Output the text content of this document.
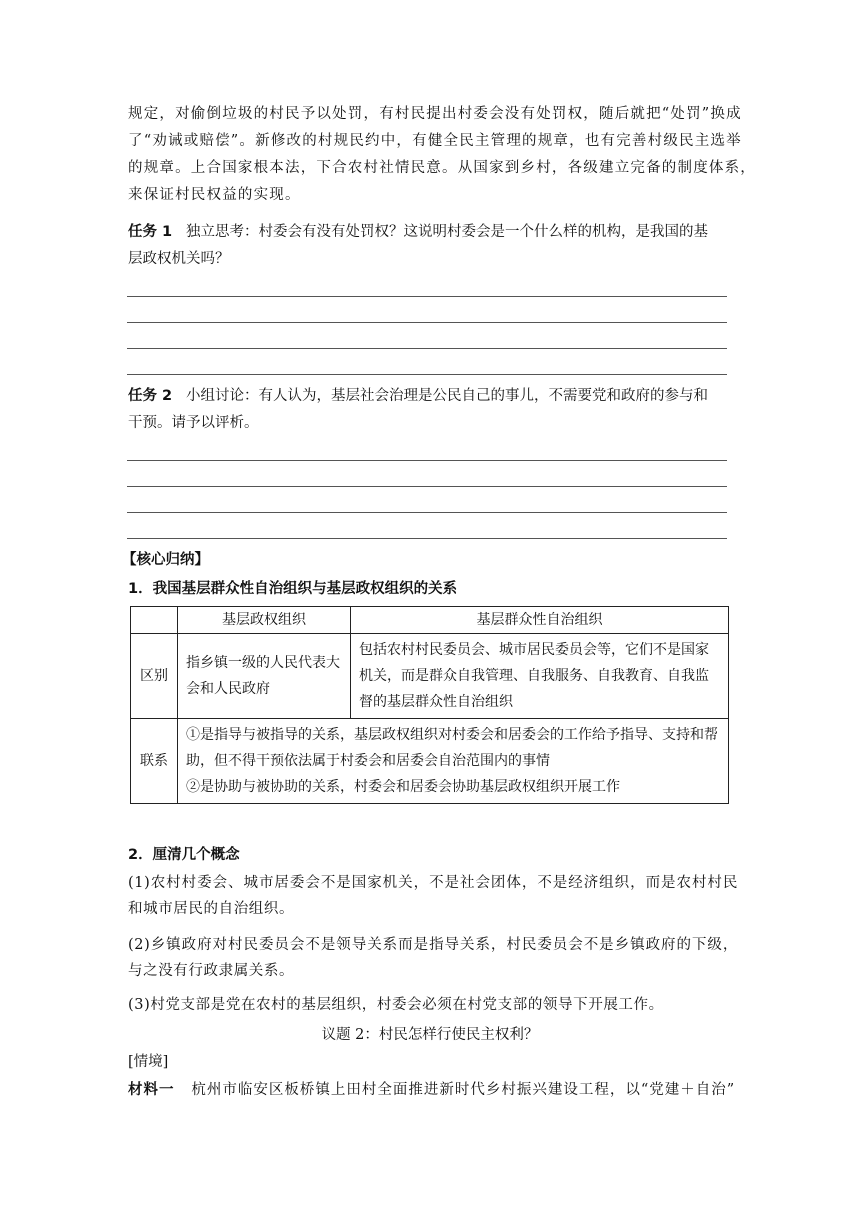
规定，对偷倒垃圾的村民予以处罚，有村民提出村委会没有处罚权，随后就把“处罚”换成
了“劝诫或赔偿”。新修改的村规民约中，有健全民主管理的规章，也有完善村级民主选举
的规章。上合国家根本法，下合农村社情民意。从国家到乡村，各级建立完备的制度体系，
来保证村民权益的实现。
任务 1 独立思考：村委会有没有处罚权？这说明村委会是一个什么样的机构，是我国的基
层政权机关吗？
任务 2 小组讨论：有人认为，基层社会治理是公民自己的事儿，不需要党和政府的参与和
干预。请予以评析。
【核心归纳】
1．我国基层群众性自治组织与基层政权组织的关系
	基层政权组织	基层群众性自治组织
区别	指乡镇一级的人民代表大会和人民政府	包括农村村民委员会、城市居民委员会等，它们不是国家机关，而是群众自我管理、自我服务、自我教育、自我监督的基层群众性自治组织
联系	①是指导与被指导的关系，基层政权组织对村委会和居委会的工作给予指导、支持和帮助，但不得干预依法属于村委会和居委会自治范围内的事情
②是协助与被协助的关系，村委会和居委会协助基层政权组织开展工作	
2．厘清几个概念
(1)农村村委会、城市居委会不是国家机关，不是社会团体，不是经济组织，而是农村村民和城市居民的自治组织。
(2)乡镇政府对村民委员会不是领导关系而是指导关系，村民委员会不是乡镇政府的下级，与之没有行政隶属关系。
(3)村党支部是党在农村的基层组织，村委会必须在村党支部的领导下开展工作。
议题 2：村民怎样行使民主权利？
[情境]
材料一 杭州市临安区板桥镇上田村全面推进新时代乡村振兴建设工程，以“党建＋自治”
